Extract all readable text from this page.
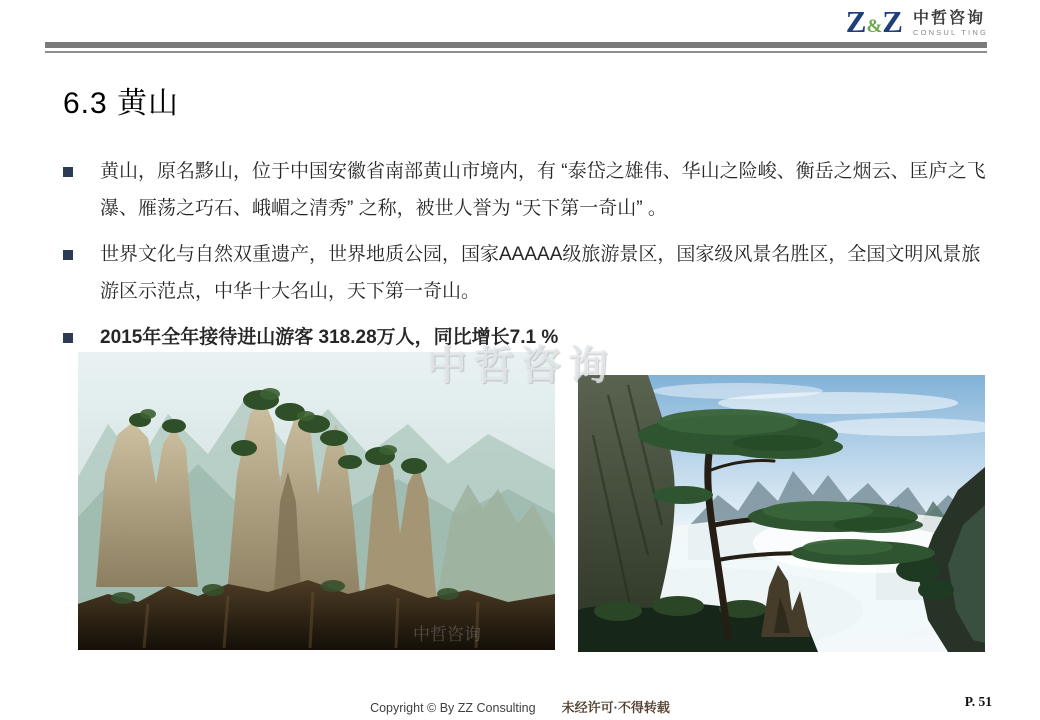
Z&Z 中哲咨询
CONSUL TING
6.3 黄山

黄山，原名黟山，位于中国安徽省南部黄山市境内，有 “泰岱之雄伟、华山之险峻、衡岳之烟云、匡庐之飞瀑、雁荡之巧石、峨嵋之清秀” 之称，被世人誉为 “天下第一奇山” 。

世界文化与自然双重遗产，世界地质公园，国家AAAAA级旅游景区，国家级风景名胜区，全国文明风景旅游区示范点，中华十大名山，天下第一奇山。

2015年全年接待进山游客 318.28万人，同比增长7.1 %

中哲咨询
中哲咨询
Copyright © By ZZ Consulting 未经许可·不得转载	P. 51
